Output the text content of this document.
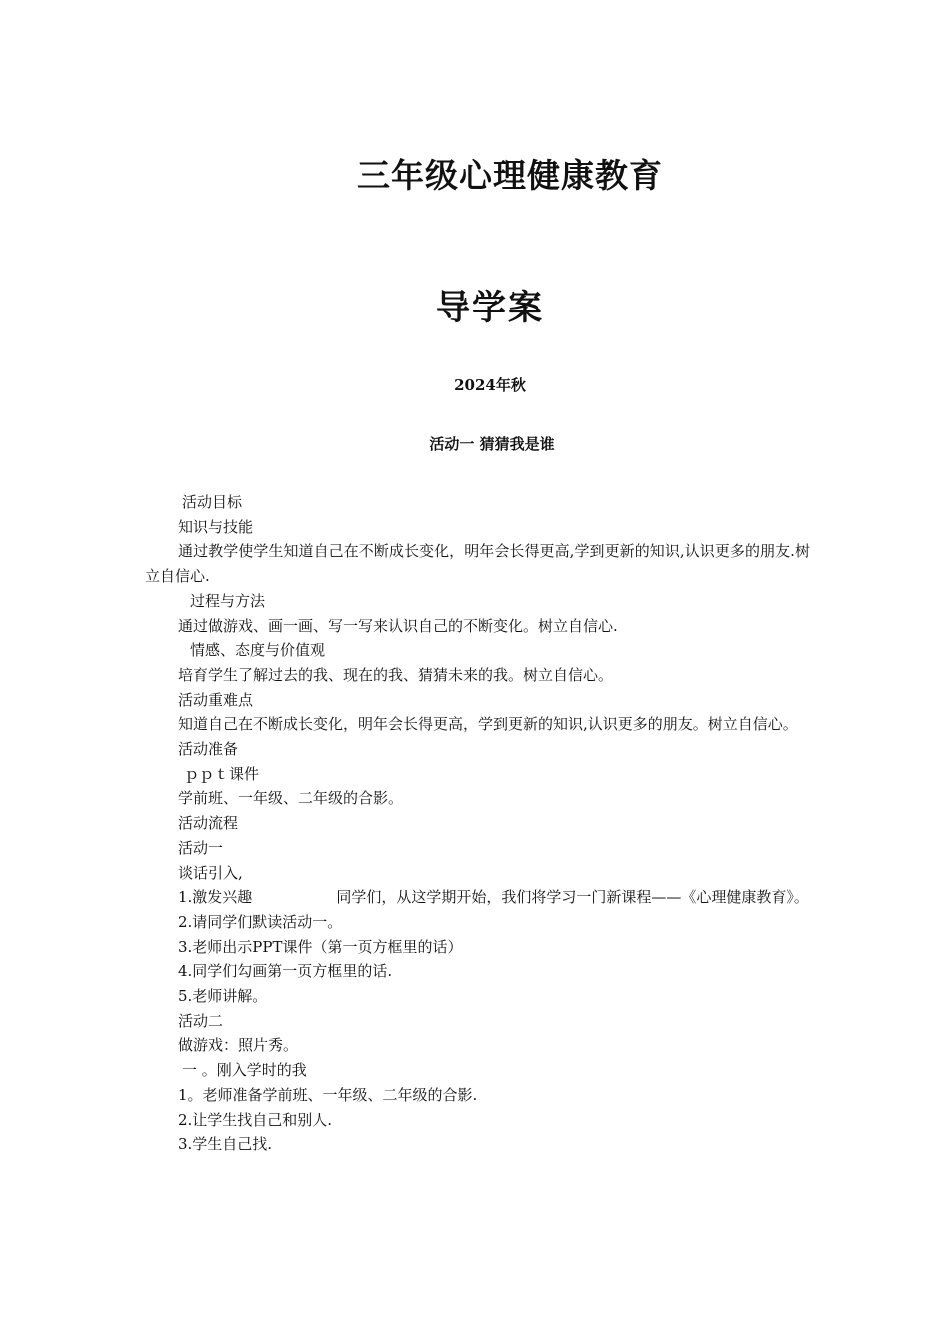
三年级心理健康教育
导学案
2024年秋
活动一 猜猜我是谁

活动目标

知识与技能

通过教学使学生知道自己在不断成长变化，明年会长得更高,学到更新的知识,认识更多的朋友.树立自信心.

过程与方法

通过做游戏、画一画、写一写来认识自己的不断变化。树立自信心.

情感、态度与价值观

培育学生了解过去的我、现在的我、猜猜未来的我。树立自信心。

活动重难点

知道自己在不断成长变化，明年会长得更高，学到更新的知识,认识更多的朋友。树立自信心。

活动准备

ｐｐｔ课件

学前班、一年级、二年级的合影。

活动流程

活动一

谈话引入,

1.激发兴趣	同学们，从这学期开始，我们将学习一门新课程——《心理健康教育》。

2.请同学们默读活动一。

3.老师出示PPT课件（第一页方框里的话）

4.同学们勾画第一页方框里的话.

5.老师讲解。

活动二

做游戏：照片秀。

一 。刚入学时的我

1。老师准备学前班、一年级、二年级的合影.

2.让学生找自己和别人.

3.学生自己找.
